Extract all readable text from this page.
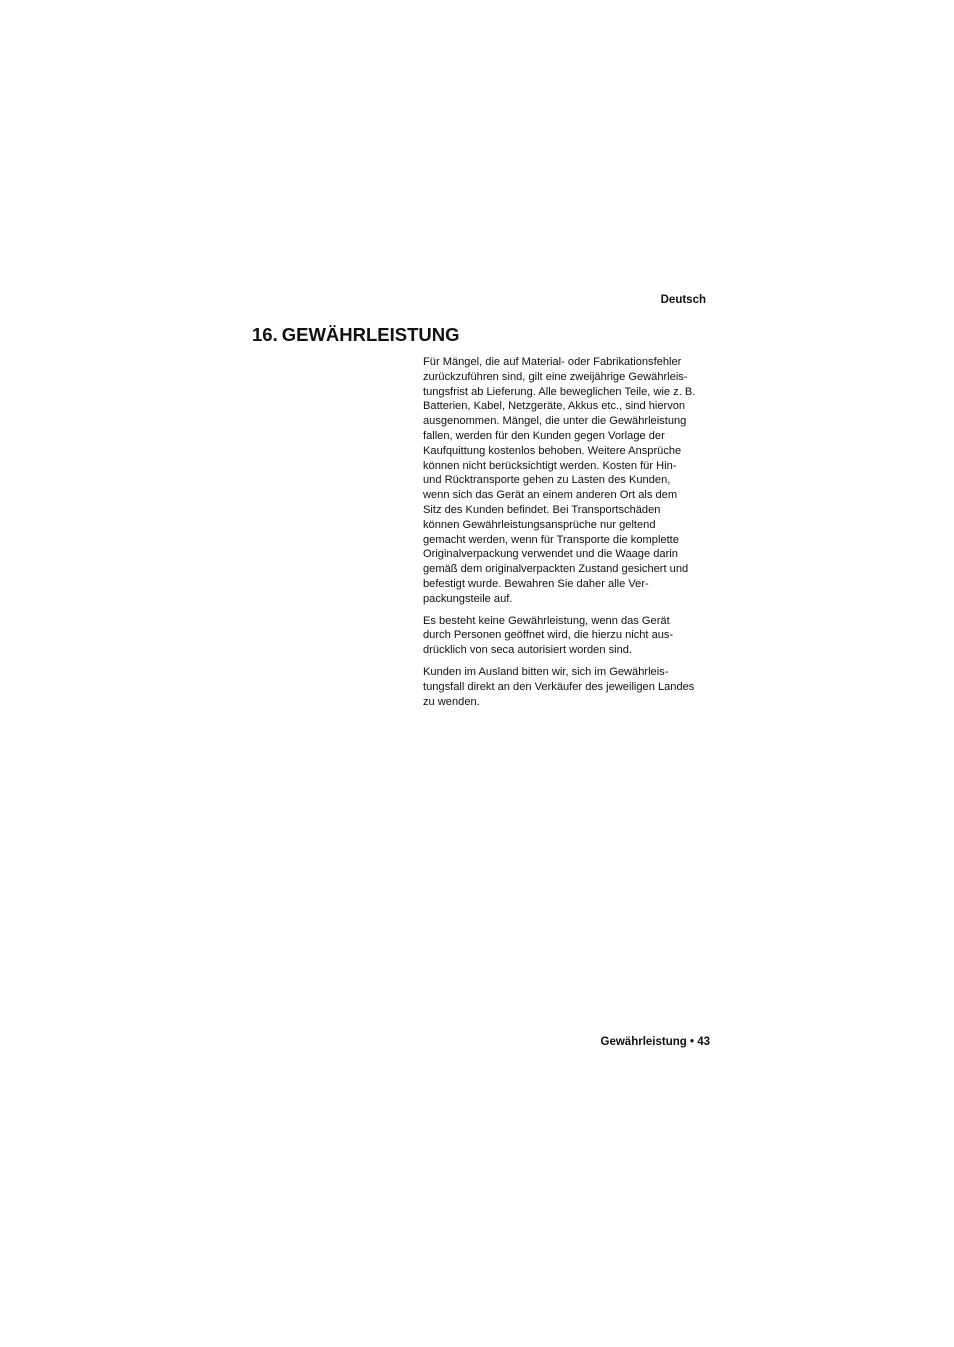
Deutsch
16. GEWÄHRLEISTUNG

Für Mängel, die auf Material- oder Fabrikationsfehler
zurückzuführen sind, gilt eine zweijährige Gewährleis-
tungsfrist ab Lieferung. Alle beweglichen Teile, wie z. B.
Batterien, Kabel, Netzgeräte, Akkus etc., sind hiervon
ausgenommen. Mängel, die unter die Gewährleistung
fallen, werden für den Kunden gegen Vorlage der
Kaufquittung kostenlos behoben. Weitere Ansprüche
können nicht berücksichtigt werden. Kosten für Hin-
und Rücktransporte gehen zu Lasten des Kunden,
wenn sich das Gerät an einem anderen Ort als dem
Sitz des Kunden befindet. Bei Transportschäden
können Gewährleistungsansprüche nur geltend
gemacht werden, wenn für Transporte die komplette
Originalverpackung verwendet und die Waage darin
gemäß dem originalverpackten Zustand gesichert und
befestigt wurde. Bewahren Sie daher alle Ver-
packungsteile auf.

Es besteht keine Gewährleistung, wenn das Gerät
durch Personen geöffnet wird, die hierzu nicht aus-
drücklich von seca autorisiert worden sind.

Kunden im Ausland bitten wir, sich im Gewährleis-
tungsfall direkt an den Verkäufer des jeweiligen Landes
zu wenden.

Gewährleistung • 43
